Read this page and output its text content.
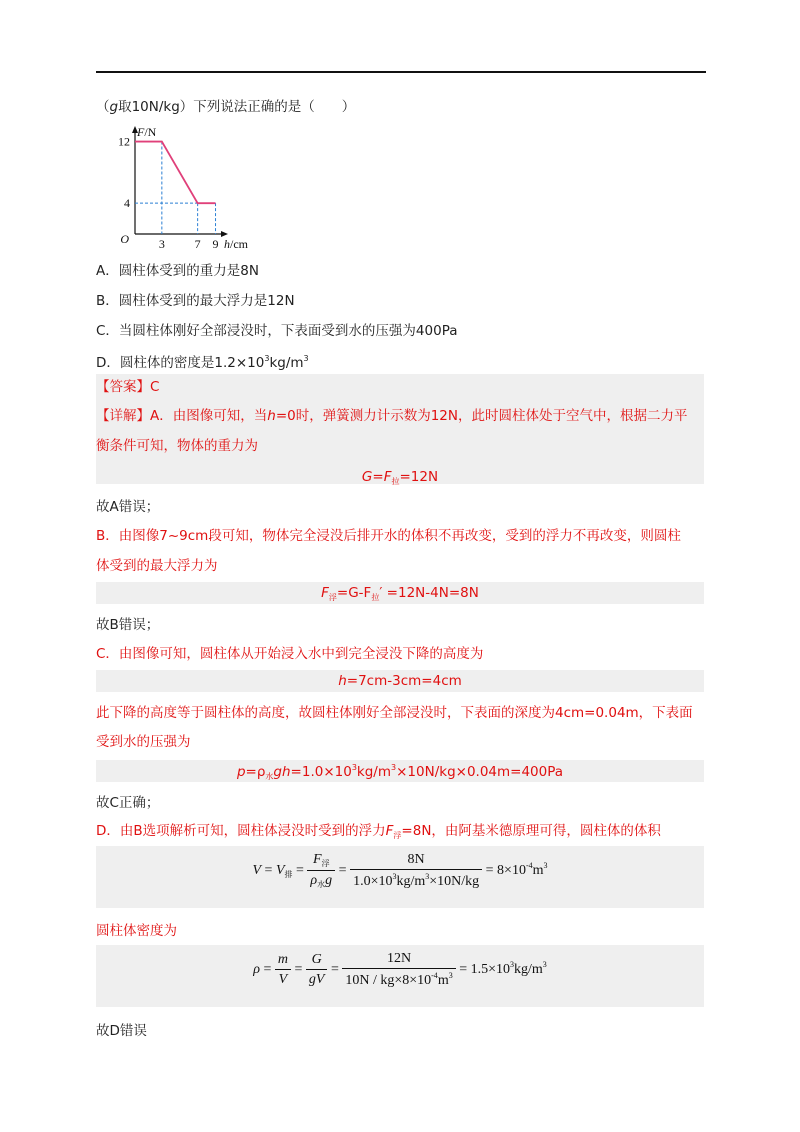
（g取10N/kg）下列说法正确的是（　　）
3 7 9
12
4
O
F/N
h/cm
A．圆柱体受到的重力是8N
B．圆柱体受到的最大浮力是12N
C．当圆柱体刚好全部浸没时，下表面受到水的压强为400Pa
D．圆柱体的密度是$1.2\times 10^3kg/m^3$
【答案】C
【详解】A．由图像可知，当h=0时，弹簧测力计示数为12N，此时圆柱体处于空气中，根据二力平
衡条件可知，物体的重力为
$G=F_拉=12N$
故A错误；
B．由图像7~9cm段可知，物体完全浸没后排开水的体积不再改变，受到的浮力不再改变，则圆柱
体受到的最大浮力为
$F_浮=G-F_拉' =12N-4N=8N$
故B错误；
C．由图像可知，圆柱体从开始浸入水中到完全浸没下降的高度为
h=7cm-3cm=4cm
此下降的高度等于圆柱体的高度，故圆柱体刚好全部浸没时，下表面的深度为4cm=0.04m，下表面
受到水的压强为
$p=\rho_水gh=1.0\times 10^3kg/m^3\times 10N/kg\times 0.04m=400Pa$
故C正确；
D．由B选项解析可知，圆柱体浸没时受到的浮力$F_浮=8N$，由阿基米德原理可得，圆柱体的体积
$V = V_排 = \frac{F_浮}{\rho_水g} = \frac{8N}{1.0\times 10^3kg/m^3\times 10N/kg} = 8\times 10^{-4}m^3$
圆柱体密度为
$\rho = \frac{m}{V} = \frac{G}{gV} = \frac{12N}{10N / kg\times 8\times 10^{-4}m^3} = 1.5\times 10^3kg/m^3$
故D错误
